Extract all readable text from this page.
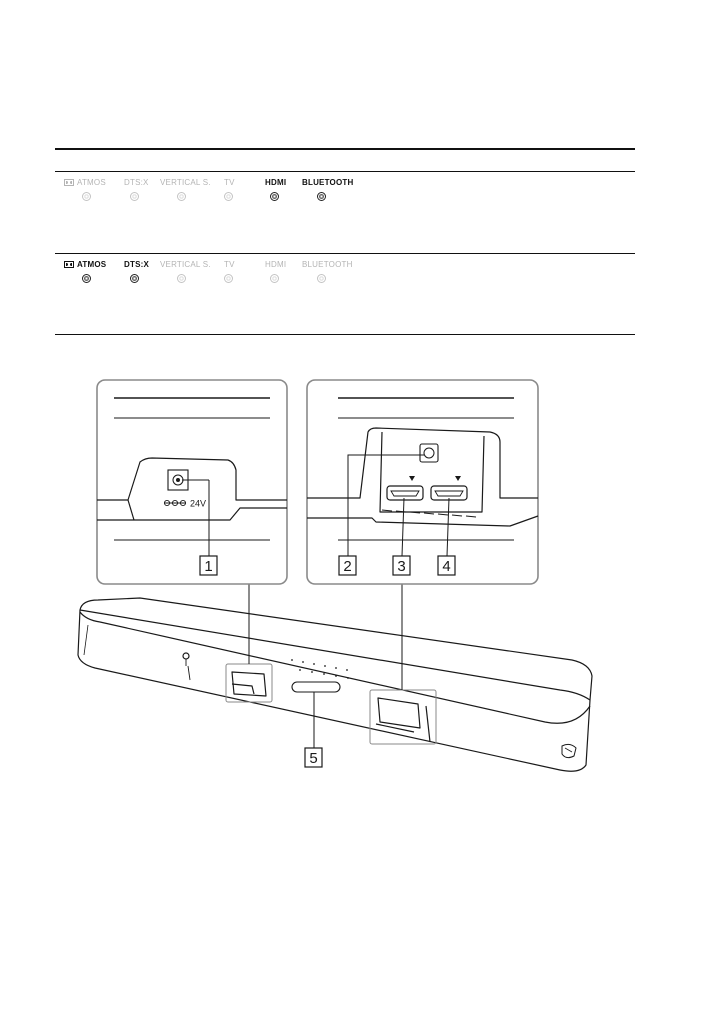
ATMOS	DTS:X	VERTICAL S.	TV	HDMI	BLUETOOTH
ATMOS	DTS:X	VERTICAL S.	TV	HDMI	BLUETOOTH
24V
1	2	3 4
5
